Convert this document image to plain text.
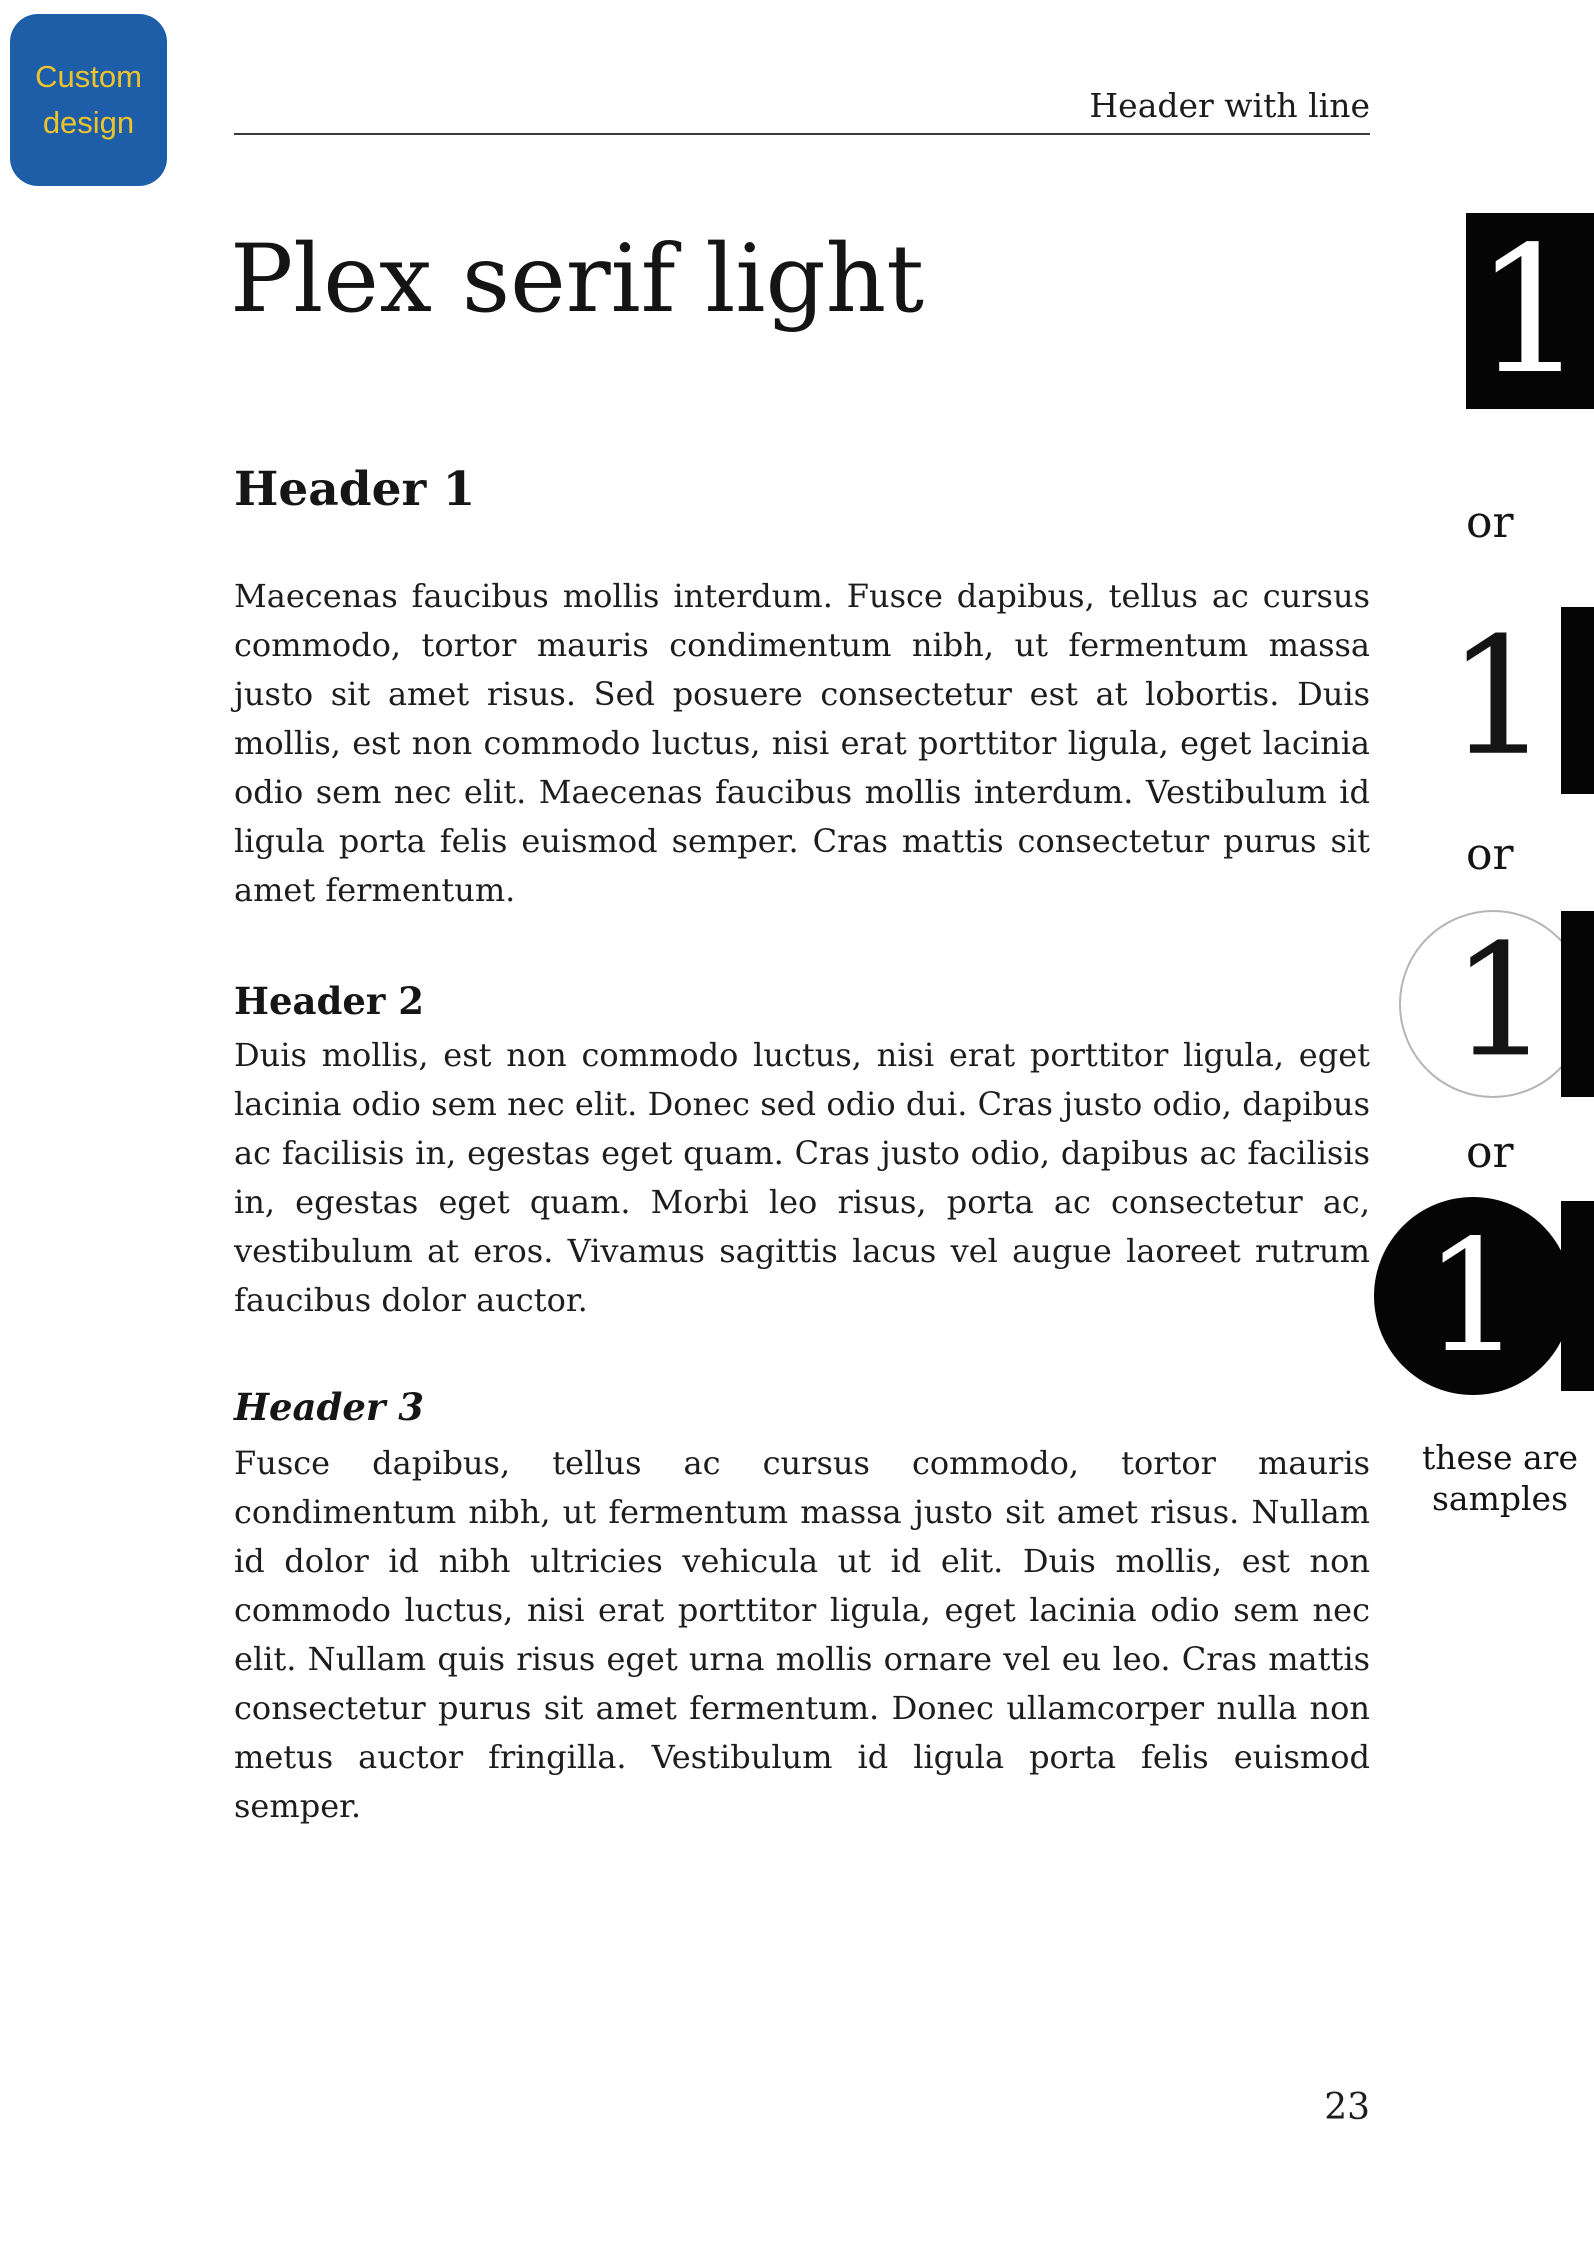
Custom
design	Header with line
Plex serif light
Header 1

Maecenas faucibus mollis interdum. Fusce dapibus, tellus ac cursus commodo, tortor mauris condimentum nibh, ut fermentum massa justo sit amet risus. Sed posuere consectetur est at lobortis. Duis mollis, est non commodo luctus, nisi erat porttitor ligula, eget lacinia odio sem nec elit. Maecenas faucibus mollis interdum. Vestibulum id ligula porta felis euismod semper. Cras mattis consectetur purus sit amet fermentum.

Header 2

Duis mollis, est non commodo luctus, nisi erat porttitor ligula, eget lacinia odio sem nec elit. Donec sed odio dui. Cras justo odio, dapibus ac facilisis in, egestas eget quam. Cras justo odio, dapibus ac facilisis in, egestas eget quam. Morbi leo risus, porta ac consectetur ac, vestibulum at eros. Vivamus sagittis lacus vel augue laoreet rutrum faucibus dolor auctor.

Header 3

Fusce dapibus, tellus ac cursus commodo, tortor mauris condimentum nibh, ut fermentum massa justo sit amet risus. Nullam id dolor id nibh ultricies vehicula ut id elit. Duis mollis, est non commodo luctus, nisi erat porttitor ligula, eget lacinia odio sem nec elit. Nullam quis risus eget urna mollis ornare vel eu leo. Cras mattis consectetur purus sit amet fermentum. Donec ullamcorper nulla non metus auctor fringilla. Vestibulum id ligula porta felis euismod semper.

1
or
1
or
1
or
1
these are
samples
23
